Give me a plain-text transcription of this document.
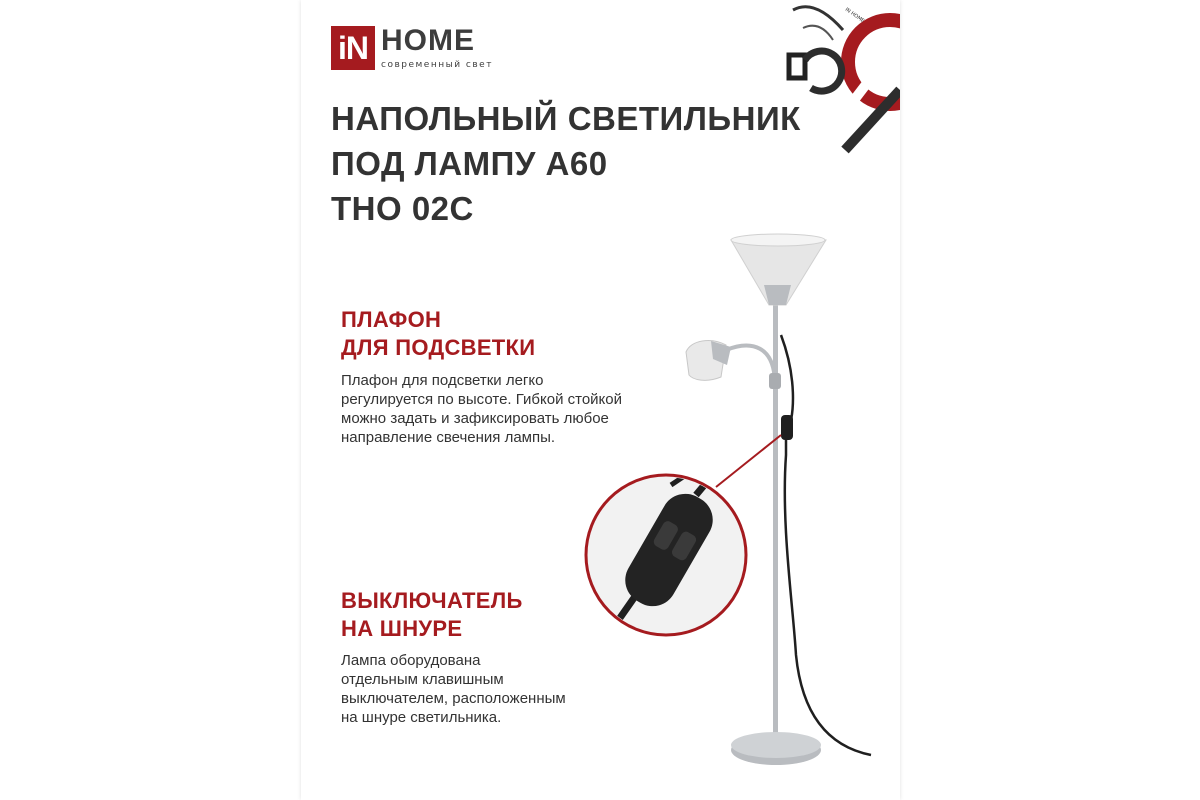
iN HOME
современный свет
IN HOME
НАПОЛЬНЫЙ СВЕТИЛЬНИК
ПОД ЛАМПУ А60
ТНО 02С
ПЛАФОН
ДЛЯ ПОДСВЕТКИ
Плафон для подсветки легко
регулируется по высоте. Гибкой стойкой
можно задать и зафиксировать любое
направление свечения лампы.
ВЫКЛЮЧАТЕЛЬ
НА ШНУРЕ
Лампа оборудована
отдельным клавишным
выключателем, расположенным
на шнуре светильника.
